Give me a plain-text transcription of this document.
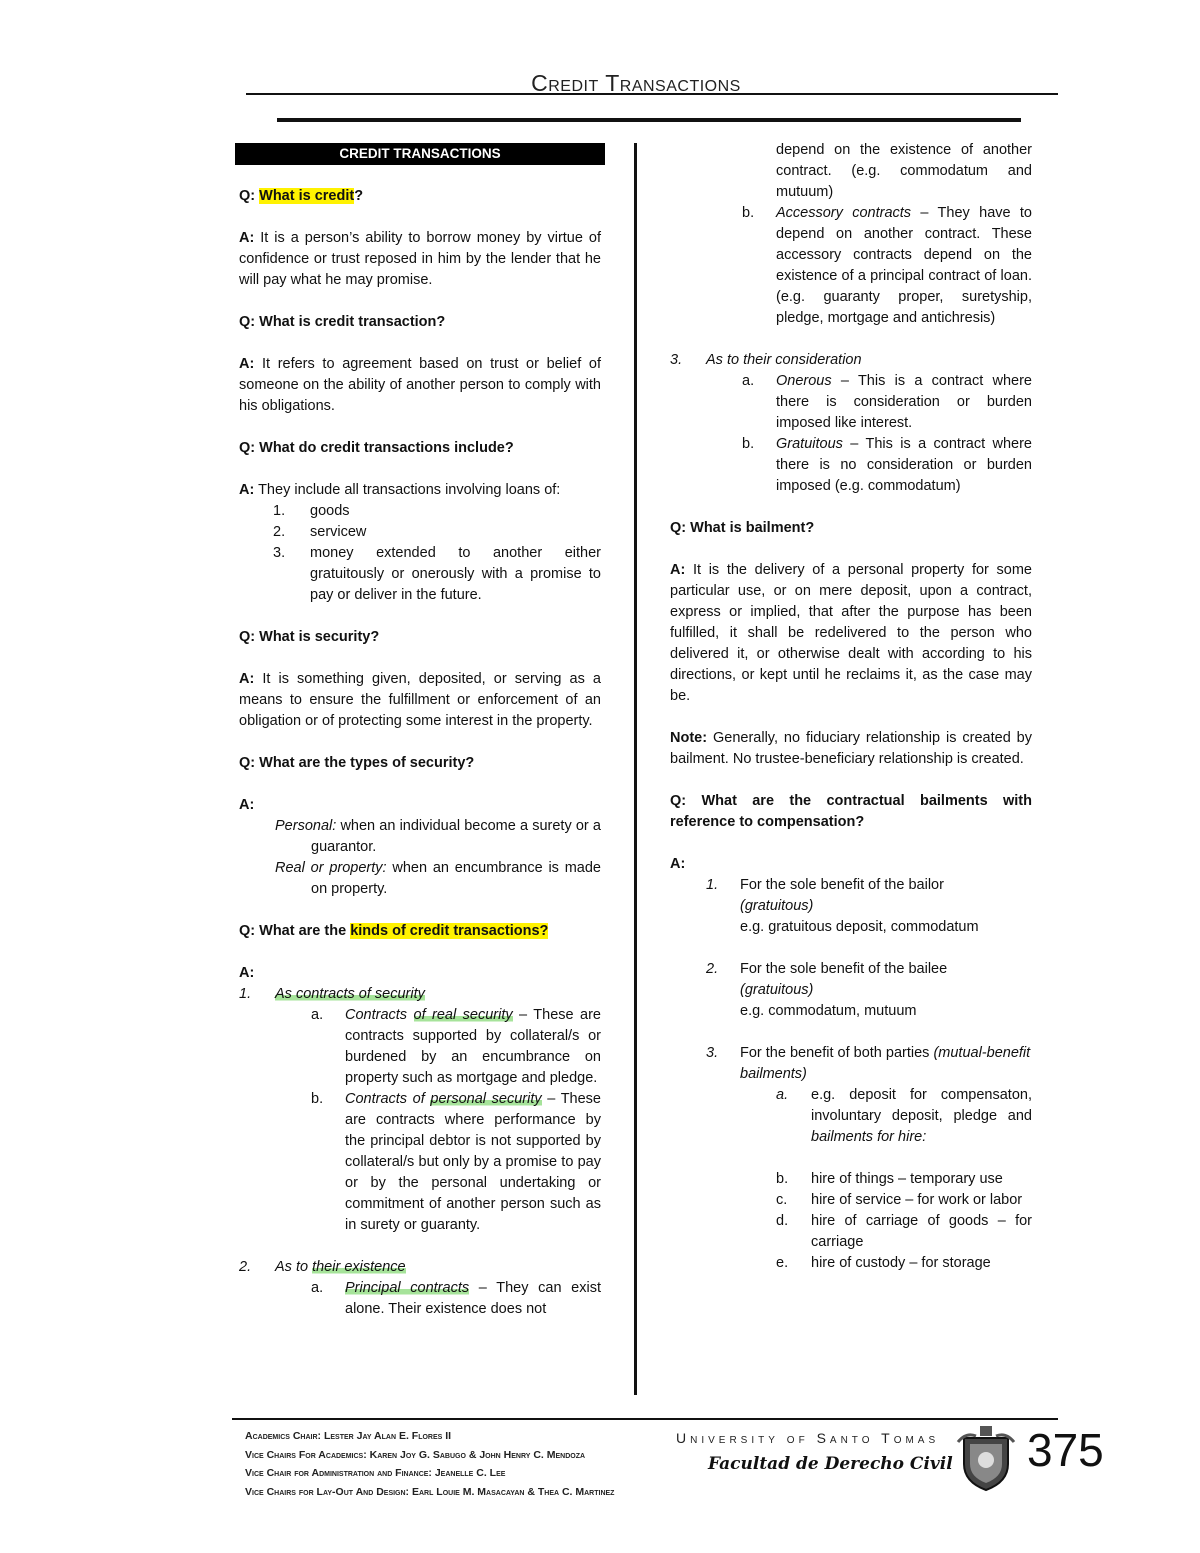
Credit Transactions
CREDIT TRANSACTIONS

Q: What is credit?

A: It is a person’s ability to borrow money by virtue of confidence or trust reposed in him by the lender that he will pay what he may promise.

Q: What is credit transaction?

A: It refers to agreement based on trust or belief of someone on the ability of another person to comply with his obligations.

Q: What do credit transactions include?

A: They include all transactions involving loans of:

1. goods
2. servicew
3. money extended to another either gratuitously or onerously with a promise to pay or deliver in the future.

Q: What is security?

A: It is something given, deposited, or serving as a means to ensure the fulfillment or enforcement of an obligation or of protecting some interest in the property.

Q: What are the types of security?

A:

Personal: when an individual become a surety or a guarantor.

Real or property: when an encumbrance is made on property.

Q: What are the kinds of credit transactions?

A:

1. As contracts of security
a. Contracts of real security – These are contracts supported by collateral/s or burdened by an encumbrance on property such as mortgage and pledge.
b. Contracts of personal security – These are contracts where performance by the principal debtor is not supported by collateral/s but only by a promise to pay or by the personal undertaking or commitment of another person such as in surety or guaranty.
2. As to their existence
a. Principal contracts – They can exist alone. Their existence does not

depend on the existence of another contract. (e.g. commodatum and mutuum)

b. Accessory contracts – They have to depend on another contract. These accessory contracts depend on the existence of a principal contract of loan. (e.g. guaranty proper, suretyship, pledge, mortgage and antichresis)
3. As to their consideration
a. Onerous – This is a contract where there is consideration or burden imposed like interest.
b. Gratuitous – This is a contract where there is no consideration or burden imposed (e.g. commodatum)

Q: What is bailment?

A: It is the delivery of a personal property for some particular use, or on mere deposit, upon a contract, express or implied, that after the purpose has been fulfilled, it shall be redelivered to the person who delivered it, or otherwise dealt with according to his directions, or kept until he reclaims it, as the case may be.

Note: Generally, no fiduciary relationship is created by bailment. No trustee-beneficiary relationship is created.

Q: What are the contractual bailments with reference to compensation?

A:

1. For the sole benefit of the bailor
(gratuitous)
e.g. gratuitous deposit, commodatum
2. For the sole benefit of the bailee
(gratuitous)
e.g. commodatum, mutuum
3. For the benefit of both parties (mutual-benefit bailments)
a. e.g. deposit for compensaton, involuntary deposit, pledge and bailments for hire:
b. hire of things – temporary use
c. hire of service – for work or labor
d. hire of carriage of goods – for carriage
e. hire of custody – for storage
Academics Chair: Lester Jay Alan E. Flores II
Vice Chairs For Academics: Karen Joy G. Sabugo & John Henry C. Mendoza
Vice Chair for Administration and Finance: Jeanelle C. Lee
Vice Chairs for Lay-Out And Design: Earl Louie M. Masacayan & Thea C. Martinez
University of Santo Tomas
Facultad de Derecho Civil 375
